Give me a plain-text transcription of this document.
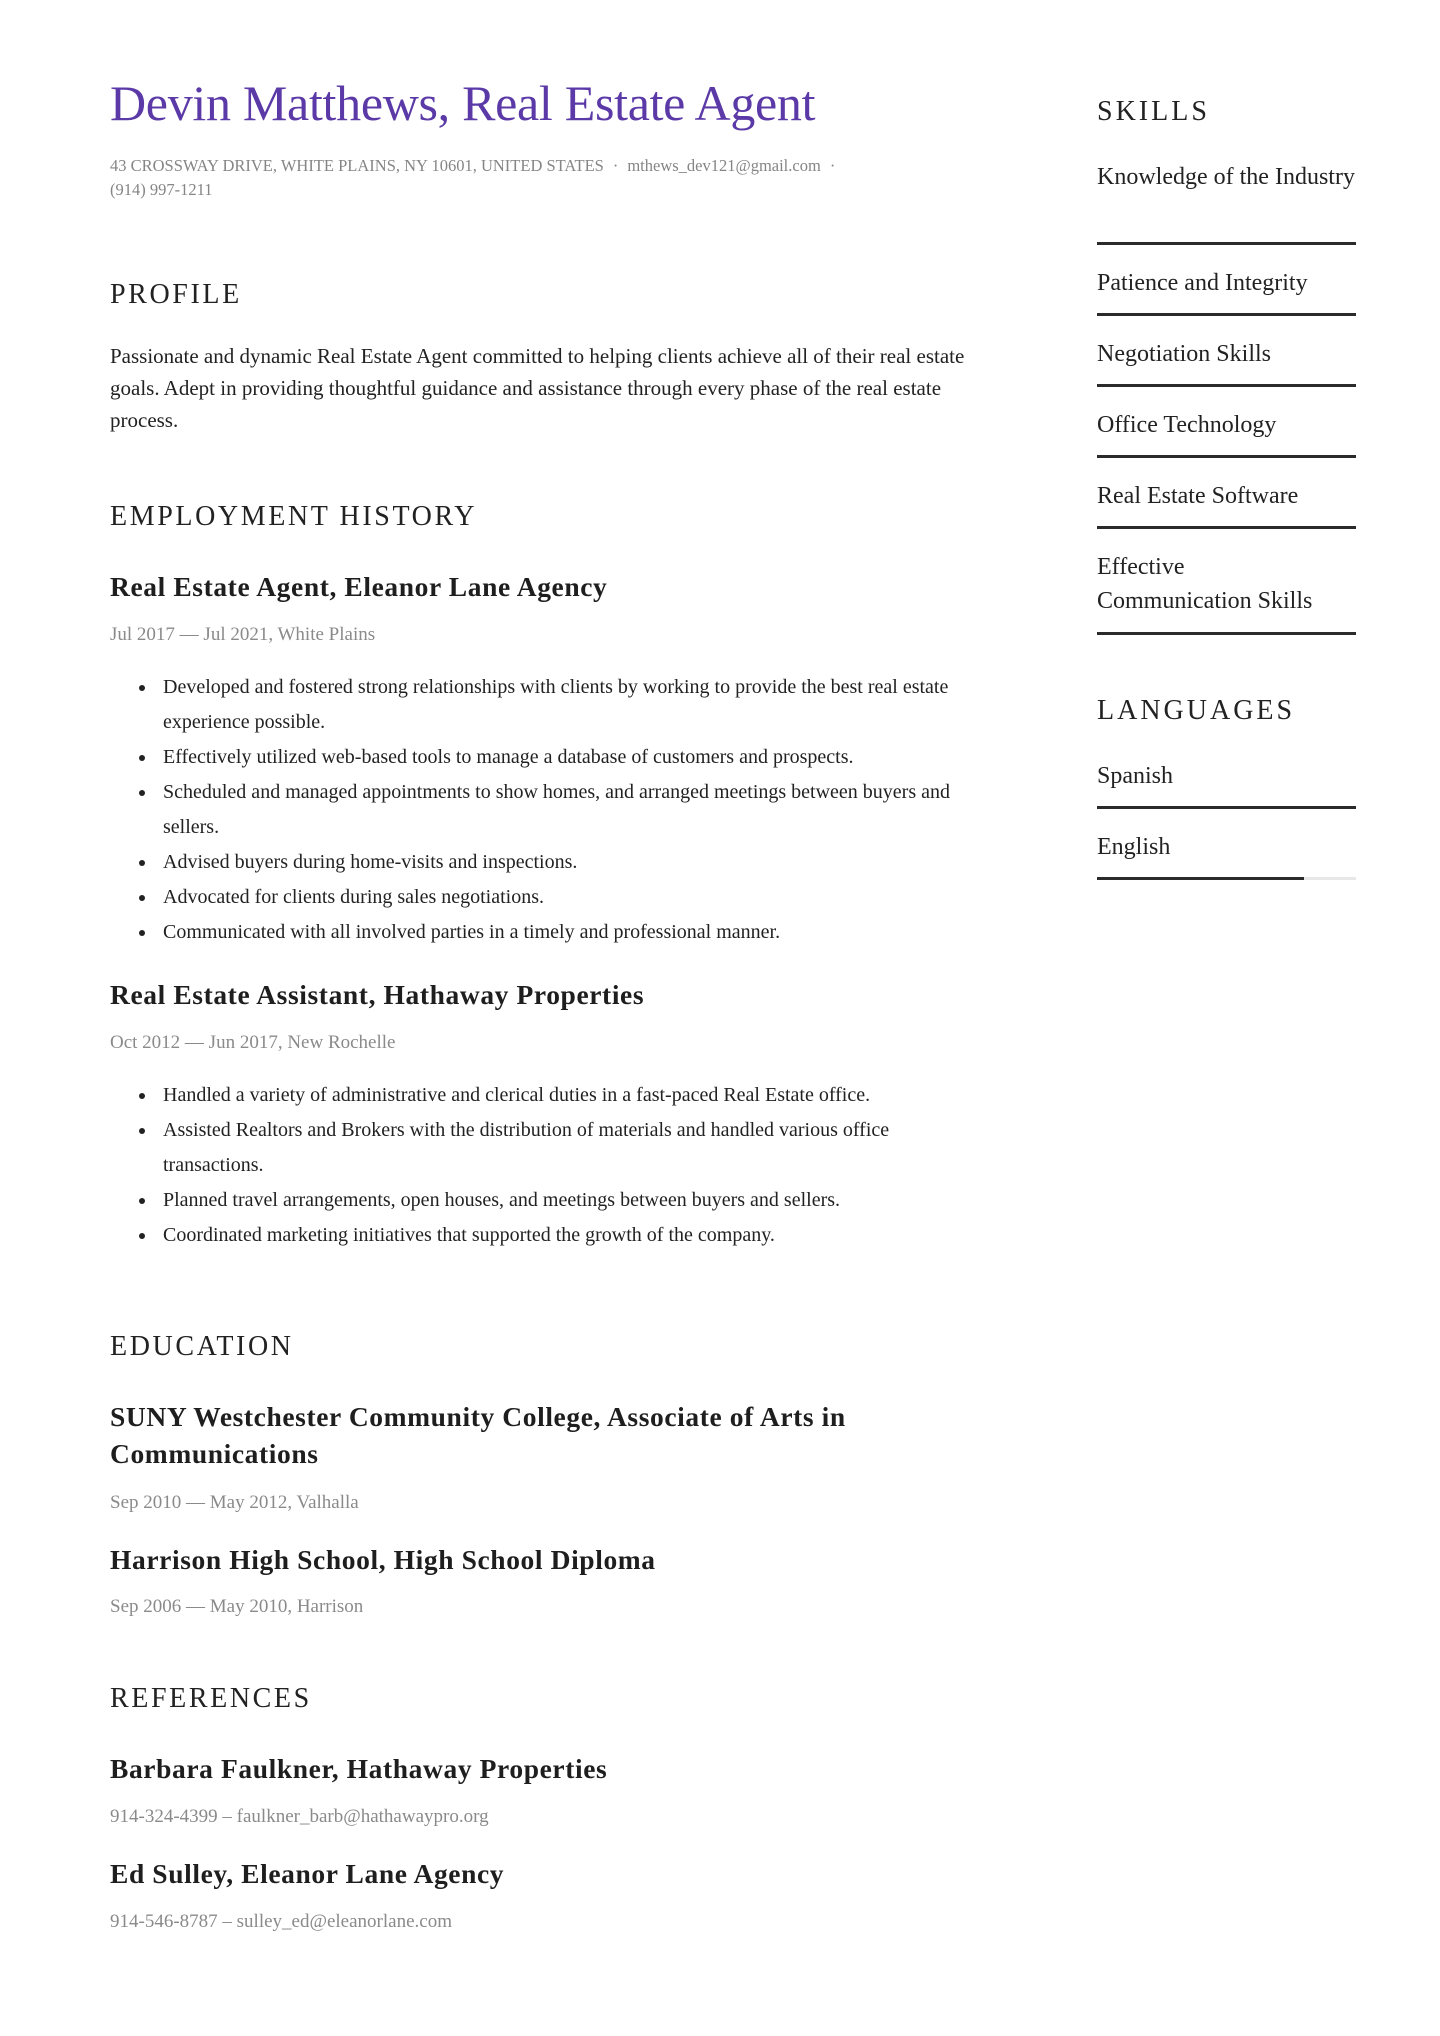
Devin Matthews, Real Estate Agent
43 CROSSWAY DRIVE, WHITE PLAINS, NY 10601, UNITED STATES · mthews_dev121@gmail.com ·
(914) 997-1211
PROFILE

Passionate and dynamic Real Estate Agent committed to helping clients achieve all of their real estate goals. Adept in providing thoughtful guidance and assistance through every phase of the real estate process.

EMPLOYMENT HISTORY
Real Estate Agent, Eleanor Lane Agency
Jul 2017 — Jul 2021, White Plains
Developed and fostered strong relationships with clients by working to provide the best real estate experience possible.
Effectively utilized web-based tools to manage a database of customers and prospects.
Scheduled and managed appointments to show homes, and arranged meetings between buyers and sellers.
Advised buyers during home-visits and inspections.
Advocated for clients during sales negotiations.
Communicated with all involved parties in a timely and professional manner.
Real Estate Assistant, Hathaway Properties
Oct 2012 — Jun 2017, New Rochelle
Handled a variety of administrative and clerical duties in a fast-paced Real Estate office.
Assisted Realtors and Brokers with the distribution of materials and handled various office transactions.
Planned travel arrangements, open houses, and meetings between buyers and sellers.
Coordinated marketing initiatives that supported the growth of the company.
EDUCATION
SUNY Westchester Community College, Associate of Arts in Communications
Sep 2010 — May 2012, Valhalla
Harrison High School, High School Diploma
Sep 2006 — May 2010, Harrison
REFERENCES
Barbara Faulkner, Hathaway Properties
914-324-4399 – faulkner_barb@hathawaypro.org
Ed Sulley, Eleanor Lane Agency
914-546-8787 – sulley_ed@eleanorlane.com
SKILLS
Knowledge of the Industry
Patience and Integrity
Negotiation Skills
Office Technology
Real Estate Software
Effective Communication Skills
LANGUAGES
Spanish
English
